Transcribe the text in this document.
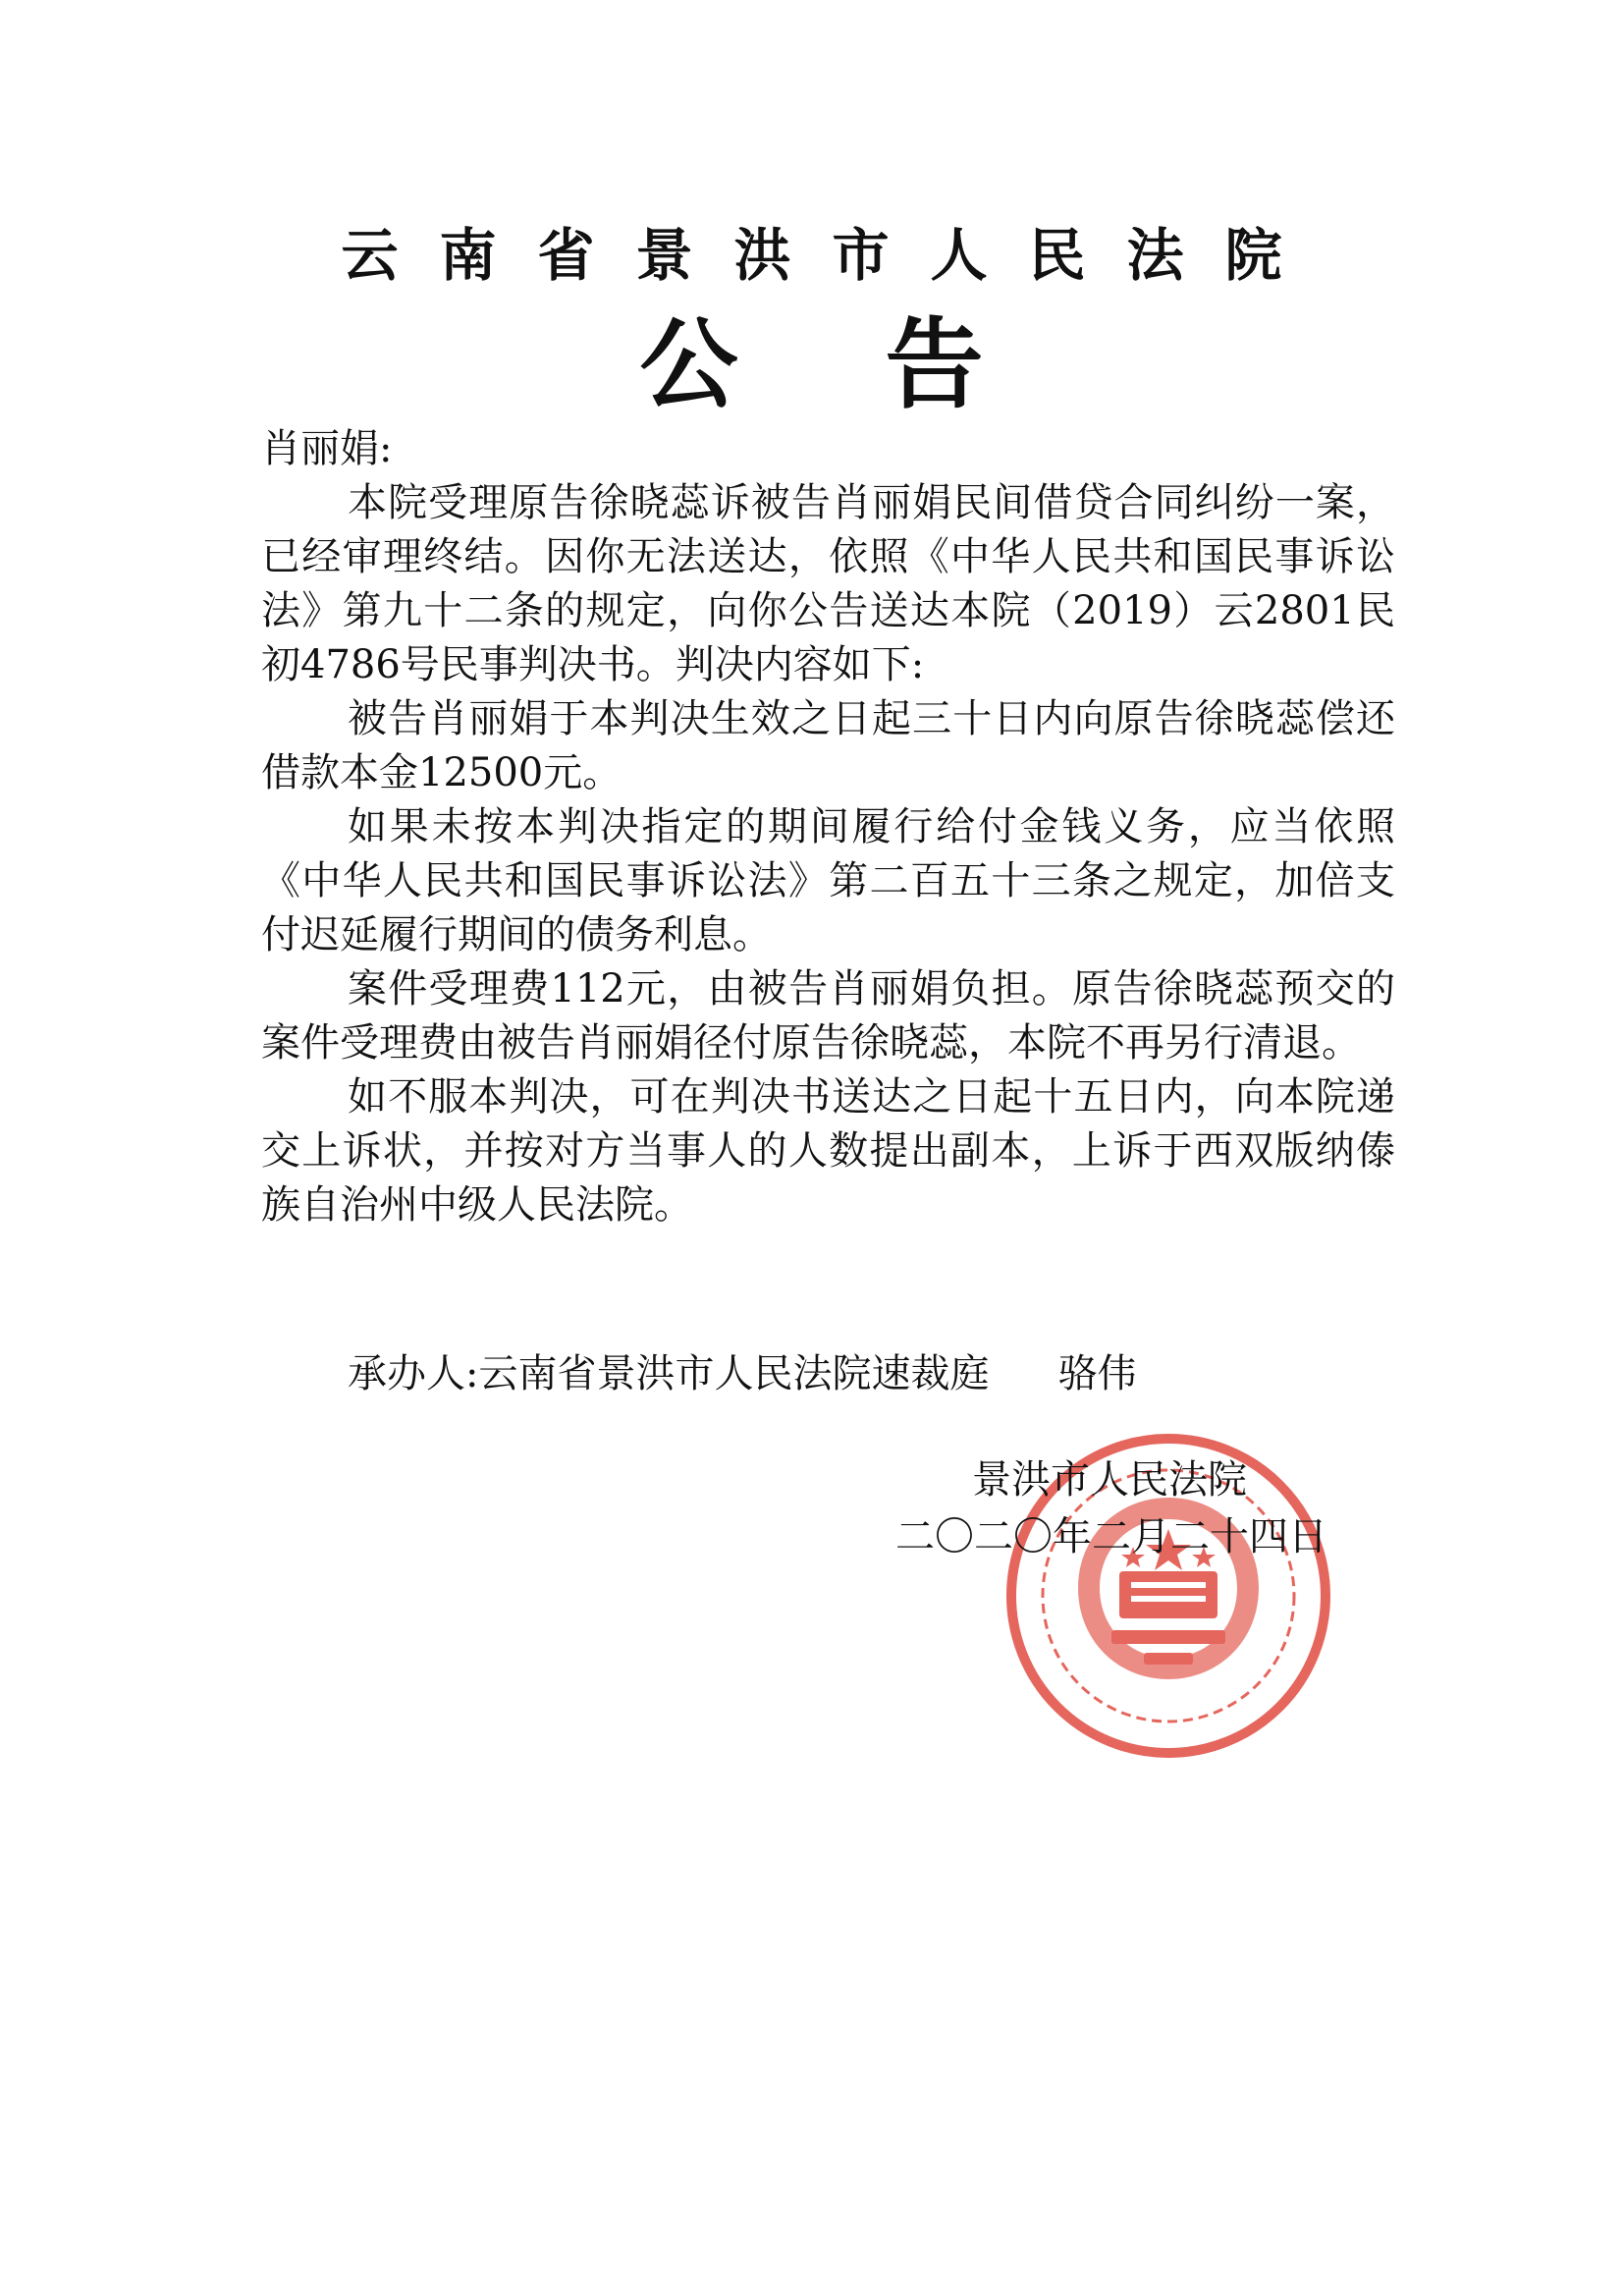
云南省景洪市人民法院
公告

肖丽娟:

本院受理原告徐晓蕊诉被告肖丽娟民间借贷合同纠纷一案，已经审理终结。因你无法送达，依照《中华人民共和国民事诉讼法》第九十二条的规定，向你公告送达本院（2019）云2801民初4786号民事判决书。判决内容如下:

被告肖丽娟于本判决生效之日起三十日内向原告徐晓蕊偿还借款本金12500元。

如果未按本判决指定的期间履行给付金钱义务，应当依照《中华人民共和国民事诉讼法》第二百五十三条之规定，加倍支付迟延履行期间的债务利息。

案件受理费112元，由被告肖丽娟负担。原告徐晓蕊预交的案件受理费由被告肖丽娟径付原告徐晓蕊，本院不再另行清退。

如不服本判决，可在判决书送达之日起十五日内，向本院递交上诉状，并按对方当事人的人数提出副本，上诉于西双版纳傣族自治州中级人民法院。

承办人:云南省景洪市人民法院速裁庭 骆伟
景洪市人民法院
二〇二〇年二月二十四日
